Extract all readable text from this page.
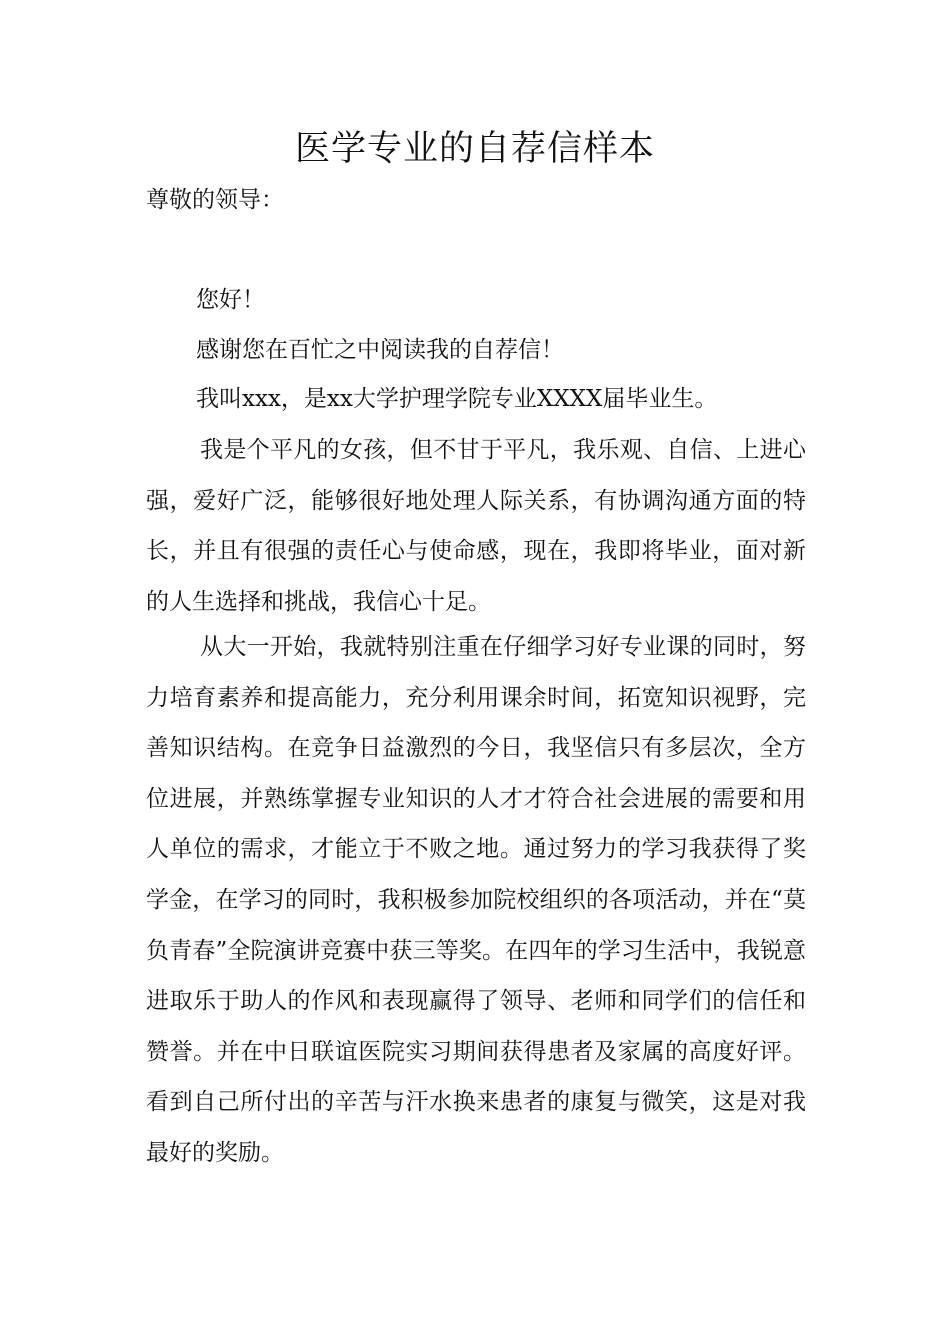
医学专业的自荐信样本
尊敬的领导：
您好！
感谢您在百忙之中阅读我的自荐信！
我叫xxx，是xx大学护理学院专业XXXX届毕业生。
我是个平凡的女孩，但不甘于平凡，我乐观、自信、上进心强，爱好广泛，能够很好地处理人际关系，有协调沟通方面的特长，并且有很强的责任心与使命感，现在，我即将毕业，面对新的人生选择和挑战，我信心十足。
从大一开始，我就特别注重在仔细学习好专业课的同时，努力培育素养和提高能力，充分利用课余时间，拓宽知识视野，完善知识结构。在竞争日益激烈的今日，我坚信只有多层次，全方位进展，并熟练掌握专业知识的人才才符合社会进展的需要和用人单位的需求，才能立于不败之地。通过努力的学习我获得了奖学金，在学习的同时，我积极参加院校组织的各项活动，并在“莫负青春”全院演讲竞赛中获三等奖。在四年的学习生活中，我锐意进取乐于助人的作风和表现赢得了领导、老师和同学们的信任和赞誉。并在中日联谊医院实习期间获得患者及家属的高度好评。看到自己所付出的辛苦与汗水换来患者的康复与微笑，这是对我最好的奖励。
